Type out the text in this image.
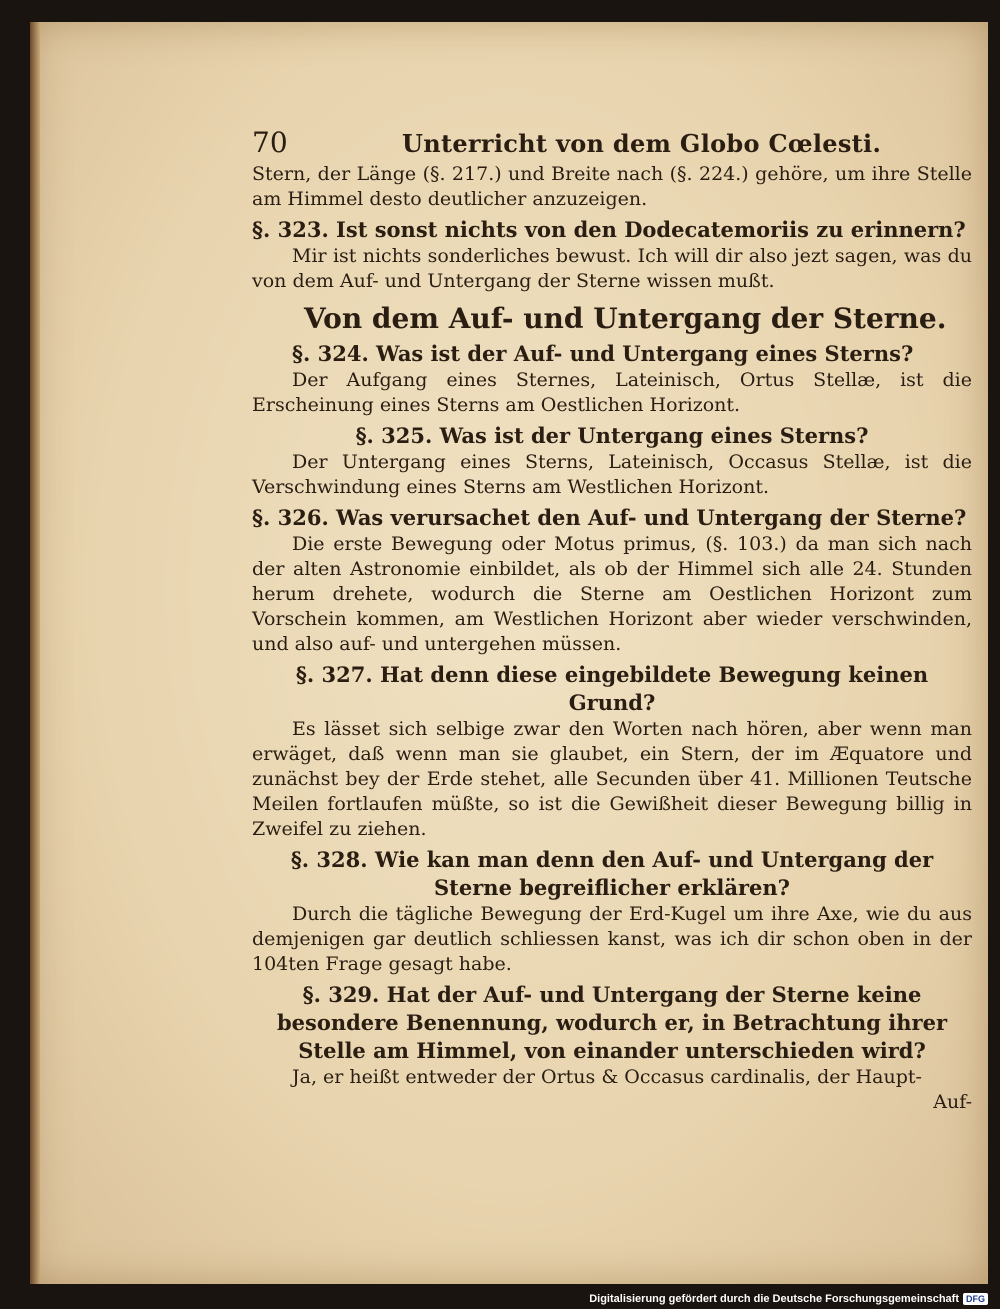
70	Unterricht von dem Globo Cœlesti.

Stern, der Länge (§. 217.) und Breite nach (§. 224.) gehöre, um ihre Stelle am Himmel desto deutlicher anzuzeigen.

§. 323. Ist sonst nichts von den Dodecatemoriis zu erinnern?

Mir ist nichts sonderliches bewust. Ich will dir also jezt sagen, was du von dem Auf- und Untergang der Sterne wissen mußt.

Von dem Auf- und Untergang der Sterne.

§. 324. Was ist der Auf- und Untergang eines Sterns?

Der Aufgang eines Sternes, Lateinisch, Ortus Stellæ, ist die Erscheinung eines Sterns am Oestlichen Horizont.

§. 325. Was ist der Untergang eines Sterns?

Der Untergang eines Sterns, Lateinisch, Occasus Stellæ, ist die Verschwindung eines Sterns am Westlichen Horizont.

§. 326. Was verursachet den Auf- und Untergang der Sterne?

Die erste Bewegung oder Motus primus, (§. 103.) da man sich nach der alten Astronomie einbildet, als ob der Himmel sich alle 24. Stunden herum drehete, wodurch die Sterne am Oestlichen Horizont zum Vorschein kommen, am Westlichen Horizont aber wieder verschwinden, und also auf- und untergehen müssen.

§. 327. Hat denn diese eingebildete Bewegung keinen Grund?

Es lässet sich selbige zwar den Worten nach hören, aber wenn man erwäget, daß wenn man sie glaubet, ein Stern, der im Æquatore und zunächst bey der Erde stehet, alle Secunden über 41. Millionen Teutsche Meilen fortlaufen müßte, so ist die Gewißheit dieser Bewegung billig in Zweifel zu ziehen.

§. 328. Wie kan man denn den Auf- und Untergang der Sterne begreiflicher erklären?

Durch die tägliche Bewegung der Erd-Kugel um ihre Axe, wie du aus demjenigen gar deutlich schliessen kanst, was ich dir schon oben in der 104ten Frage gesagt habe.

§. 329. Hat der Auf- und Untergang der Sterne keine besondere Benennung, wodurch er, in Betrachtung ihrer Stelle am Himmel, von einander unterschieden wird?

Ja, er heißt entweder der Ortus & Occasus cardinalis, der Haupt-

Auf-

Digitalisierung gefördert durch die Deutsche Forschungsgemeinschaft DFG
